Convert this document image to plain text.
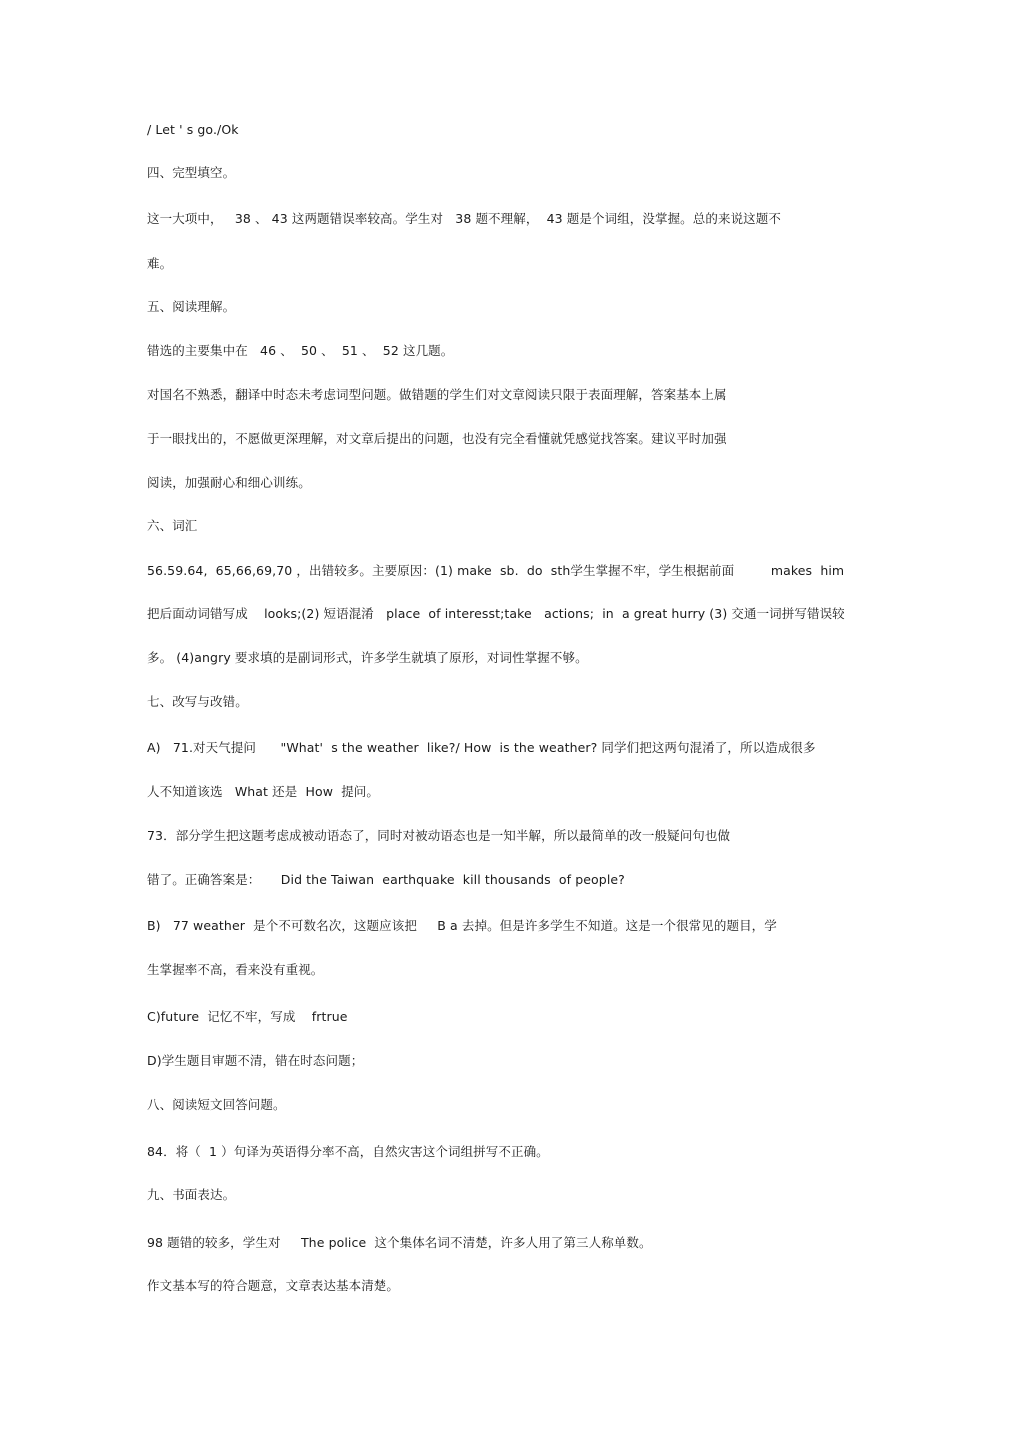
/ Let ' s go./Ok
四、完型填空。
这一大项中，   38 、 43 这两题错误率较高。学生对   38 题不理解，  43 题是个词组，没掌握。总的来说这题不
难。
五、阅读理解。
错选的主要集中在   46 、  50 、  51 、  52 这几题。
对国名不熟悉，翻译中时态未考虑词型问题。做错题的学生们对文章阅读只限于表面理解，答案基本上属
于一眼找出的，不愿做更深理解，对文章后提出的问题，也没有完全看懂就凭感觉找答案。建议平时加强
阅读，加强耐心和细心训练。
六、词汇
56.59.64,  65,66,69,70 ，出错较多。主要原因：(1) make  sb.  do  sth学生掌握不牢，学生根据前面         makes  him
把后面动词错写成    looks;(2) 短语混淆   place  of interesst;take   actions;  in  a great hurry (3) 交通一词拼写错误较
多。 (4)angry 要求填的是副词形式，许多学生就填了原形，对词性掌握不够。
七、改写与改错。
A)   71.对天气提问      "What'  s the weather  like?/ How  is the weather? 同学们把这两句混淆了，所以造成很多
人不知道该选   What 还是  How  提问。
73．部分学生把这题考虑成被动语态了，同时对被动语态也是一知半解，所以最简单的改一般疑问句也做
错了。正确答案是：     Did the Taiwan  earthquake  kill thousands  of people?
B)   77 weather  是个不可数名次，这题应该把     B a 去掉。但是许多学生不知道。这是一个很常见的题目，学
生掌握率不高，看来没有重视。
C)future  记忆不牢，写成    frtrue
D)学生题目审题不清，错在时态问题；
八、阅读短文回答问题。
84．将（  1 ）句译为英语得分率不高，自然灾害这个词组拼写不正确。
九、书面表达。
98 题错的较多，学生对     The police  这个集体名词不清楚，许多人用了第三人称单数。
作文基本写的符合题意，文章表达基本清楚。
